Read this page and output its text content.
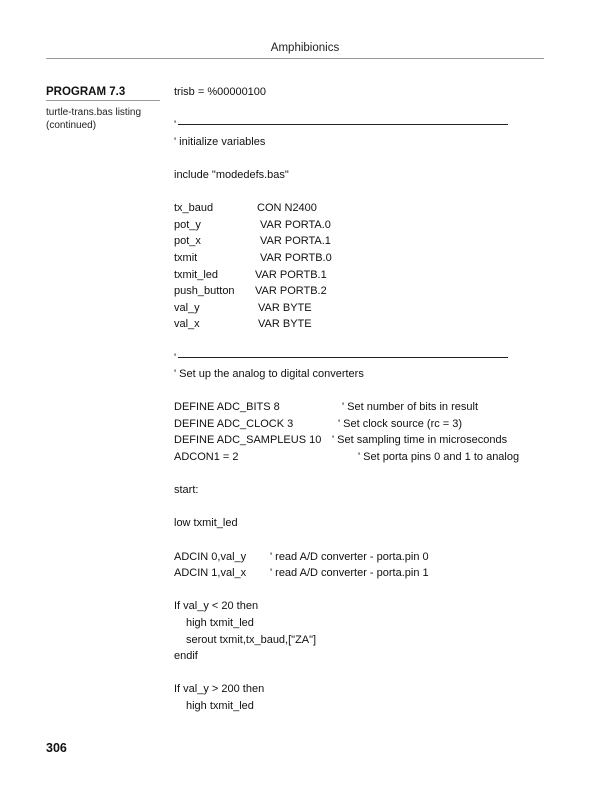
Amphibionics
PROGRAM 7.3
turtle-trans.bas listing
(continued)
trisb = %00000100
'
' initialize variables
include "modedefs.bas"
tx_baud	CON N2400
pot_y	VAR PORTA.0
pot_x	VAR PORTA.1
txmit	VAR PORTB.0
txmit_led	VAR PORTB.1
push_button VAR PORTB.2
val_y	VAR BYTE
val_x	VAR BYTE
'
' Set up the analog to digital converters
DEFINE ADC_BITS 8	' Set number of bits in result
DEFINE ADC_CLOCK 3	' Set clock source (rc = 3)
DEFINE ADC_SAMPLEUS 10 ' Set sampling time in microseconds
ADCON1 = 2	' Set porta pins 0 and 1 to analog
start:
low txmit_led
ADCIN 0,val_y ' read A/D converter - porta.pin 0
ADCIN 1,val_x ' read A/D converter - porta.pin 1
If val_y < 20 then
high txmit_led
serout txmit,tx_baud,["ZA"]
endif
If val_y > 200 then
high txmit_led
306
